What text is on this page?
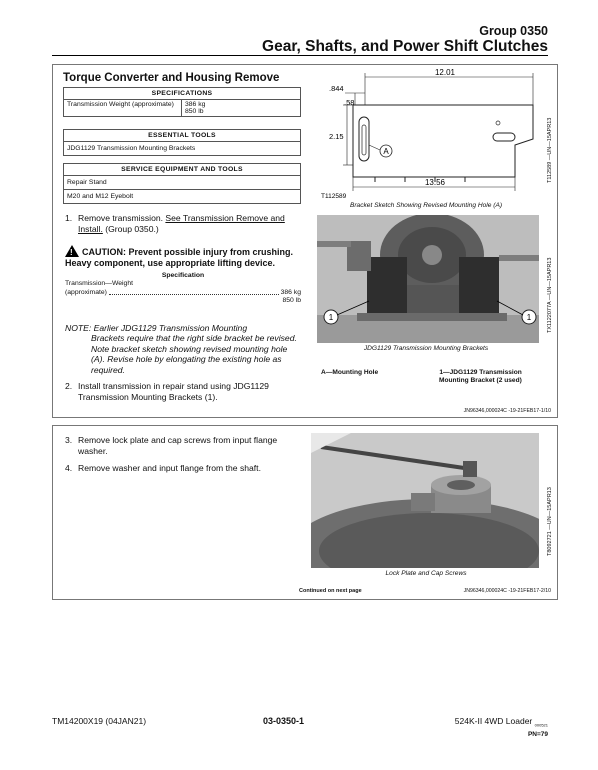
Group 0350
Gear, Shafts, and Power Shift Clutches
Torque Converter and Housing Remove
SPECIFICATIONS
Transmission Weight (approximate)	386 kg
850 lb
ESSENTIAL TOOLS
JDG1129 Transmission Mounting Brackets
SERVICE EQUIPMENT AND TOOLS
Repair Stand
M20 and M12 Eyebolt
1. Remove transmission. See Transmission Remove and Install. (Group 0350.)
! CAUTION: Prevent possible injury from crushing. Heavy component, use appropriate lifting device.
Specification
Transmission—Weight
(approximate)	386 kg
850 lb
NOTE: Earlier JDG1129 Transmission Mounting
Brackets require that the right side bracket be revised. Note bracket sketch showing revised mounting hole (A). Revise hole by elongating the existing hole as required.
2. Install transmission in repair stand using JDG1129 Transmission Mounting Brackets (1).
A
12.01
.844
.58
2.15
13.56
T112589
Bracket Sketch Showing Revised Mounting Hole (A)
T112589 —UN—15APR13
1	1
JDG1129 Transmission Mounting Brackets
TX1122077A —UN—15APR13
A—Mounting Hole	1—JDG1129 Transmission
Mounting Bracket (2 used)
JN96346,000024C -19-21FEB17-1/10
3. Remove lock plate and cap screws from input flange washer.
4. Remove washer and input flange from the shaft.
Lock Plate and Cap Screws
T8092721 —UN—15APR13
Continued on next page	JN96346,000024C -19-21FEB17-2/10
TM14200X19 (04JAN21)	03-0350-1	524K-II 4WD Loader $_{000521}$
PN=79
